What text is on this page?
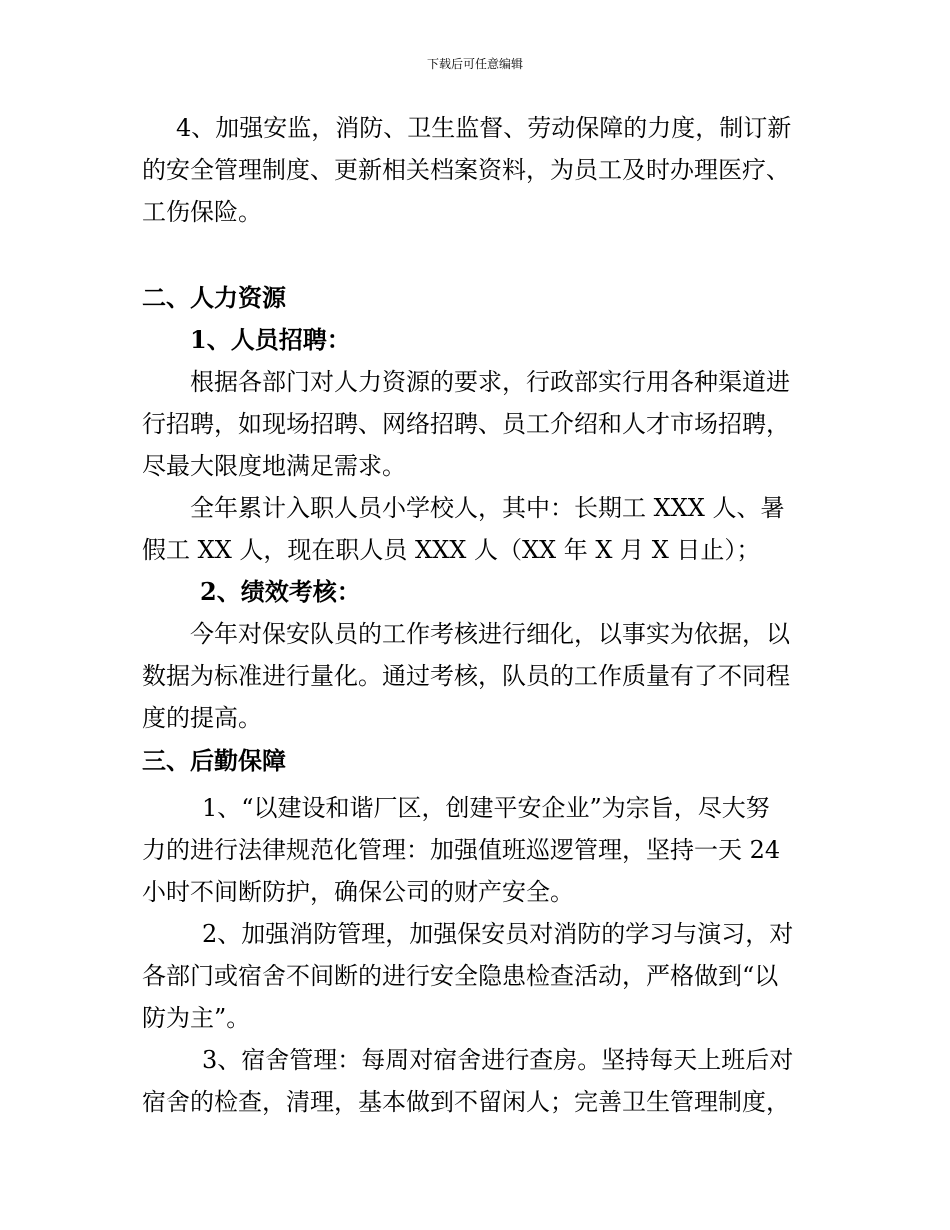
下载后可任意编辑
4、加强安监，消防、卫生监督、劳动保障的力度，制订新
的安全管理制度、更新相关档案资料，为员工及时办理医疗、
工伤保险。
二、人力资源
1、人员招聘：
根据各部门对人力资源的要求，行政部实行用各种渠道进
行招聘，如现场招聘、网络招聘、员工介绍和人才市场招聘，
尽最大限度地满足需求。
全年累计入职人员小学校人，其中：长期工 XXX 人、暑
假工 XX 人，现在职人员 XXX 人（XX 年 X 月 X 日止）；
2、绩效考核：
今年对保安队员的工作考核进行细化，以事实为依据，以
数据为标准进行量化。通过考核，队员的工作质量有了不同程
度的提高。
三、后勤保障
1、“以建设和谐厂区，创建平安企业”为宗旨，尽大努
力的进行法律规范化管理：加强值班巡逻管理，坚持一天 24
小时不间断防护，确保公司的财产安全。
2、加强消防管理，加强保安员对消防的学习与演习，对
各部门或宿舍不间断的进行安全隐患检查活动，严格做到“以
防为主”。
3、宿舍管理：每周对宿舍进行查房。坚持每天上班后对
宿舍的检查，清理，基本做到不留闲人；完善卫生管理制度，
